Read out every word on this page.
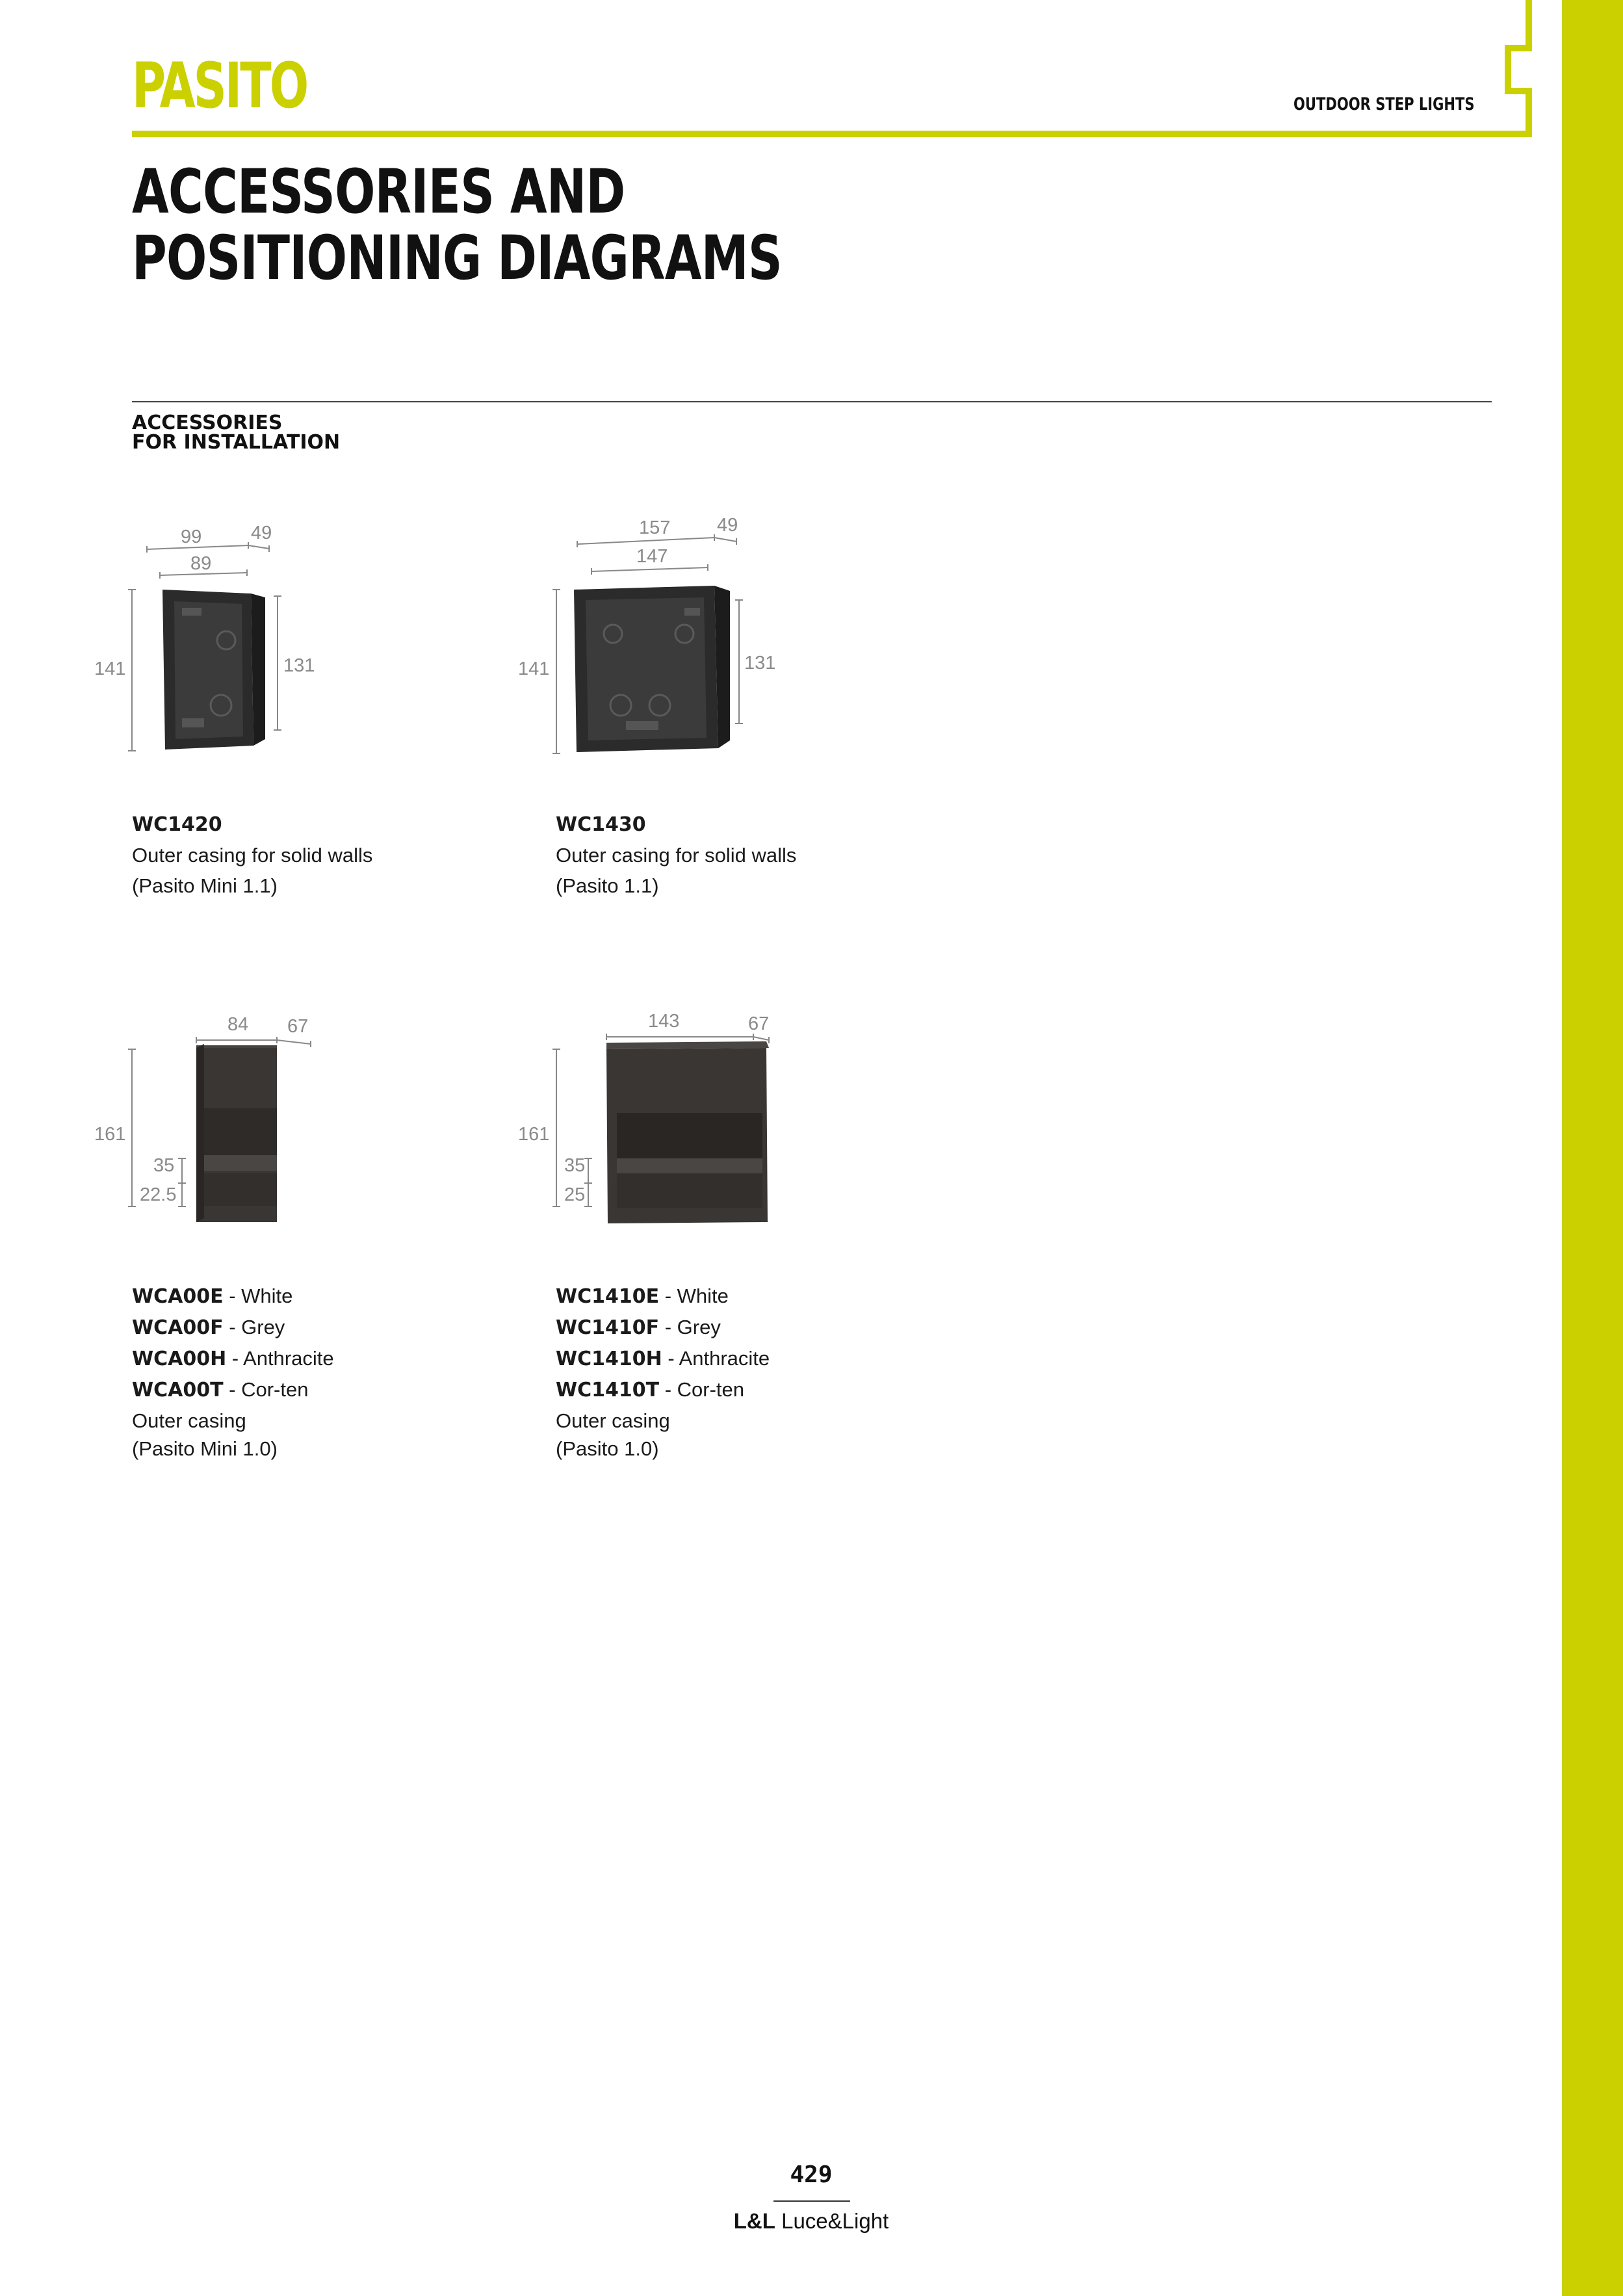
PASITO	OUTDOOR STEP LIGHTS
ACCESSORIES AND
POSITIONING DIAGRAMS
ACCESSORIES
FOR INSTALLATION
99	49
89
141	131
WC1420
Outer casing for solid walls
(Pasito Mini 1.1)
157 49
147
141	131
WC1430
Outer casing for solid walls
(Pasito 1.1)
84 67
161
35
22.5
WCA00E - White
WCA00F - Grey
WCA00H - Anthracite
WCA00T - Cor-ten
Outer casing
(Pasito Mini 1.0)
143	67
161
35
25
WC1410E - White
WC1410F - Grey
WC1410H - Anthracite
WC1410T - Cor-ten
Outer casing
(Pasito 1.0)
429
L&L Luce&Light
